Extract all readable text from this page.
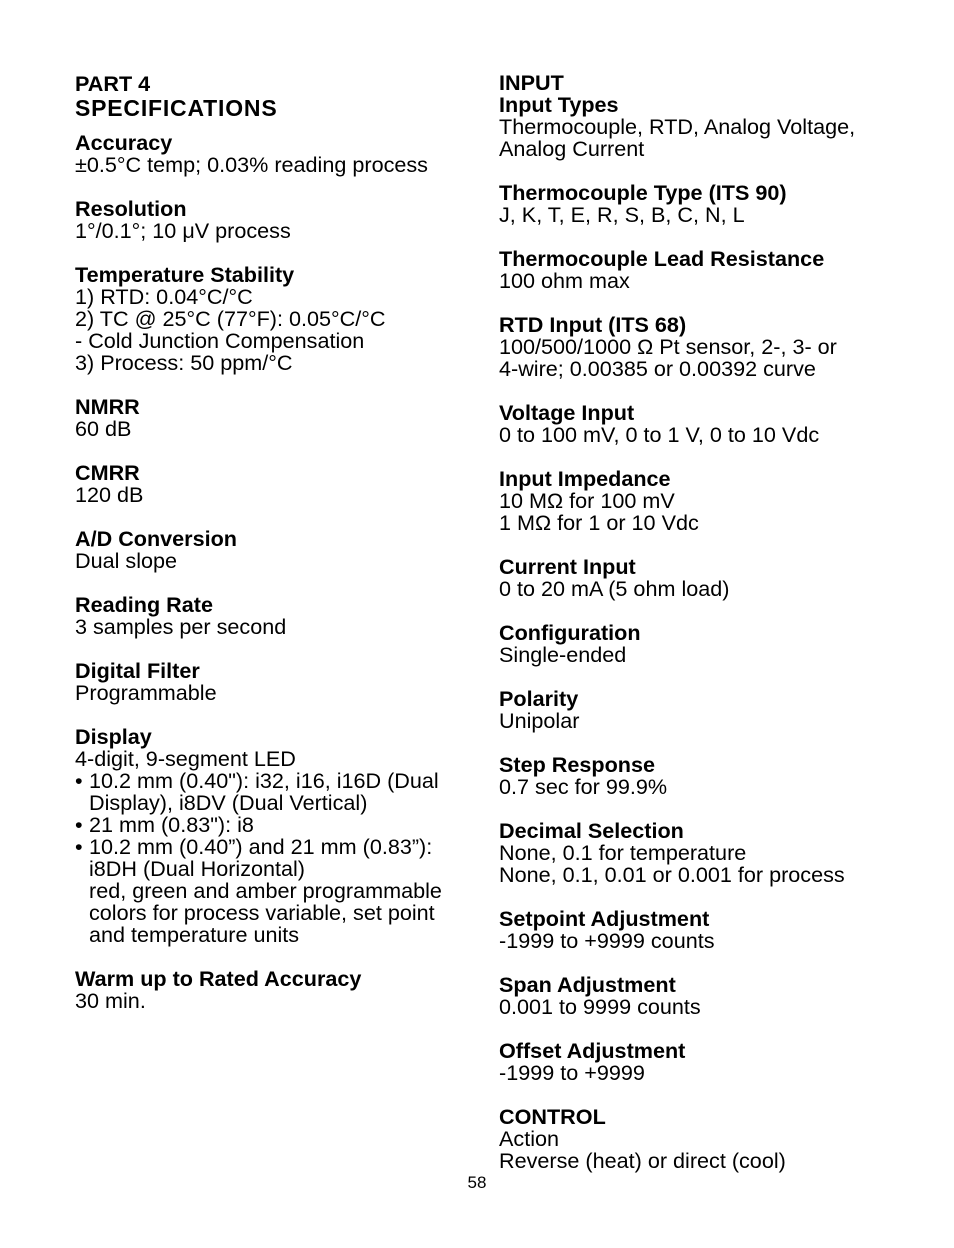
PART 4
SPECIFICATIONS
Accuracy
±0.5°C temp; 0.03% reading process
Resolution
1°/0.1°; 10 μV process
Temperature Stability
1) RTD: 0.04°C/°C
2) TC @ 25°C (77°F): 0.05°C/°C
- Cold Junction Compensation
3) Process: 50 ppm/°C
NMRR
60 dB
CMRR
120 dB
A/D Conversion
Dual slope
Reading Rate
3 samples per second
Digital Filter
Programmable
Display
4-digit, 9-segment LED
• 10.2 mm (0.40"): i32, i16, i16D (Dual
Display), i8DV (Dual Vertical)
• 21 mm (0.83"): i8
• 10.2 mm (0.40”) and 21 mm (0.83”):
i8DH (Dual Horizontal)
red, green and amber programmable
colors for process variable, set point
and temperature units
Warm up to Rated Accuracy
30 min.
INPUT
Input Types
Thermocouple, RTD, Analog Voltage,
Analog Current
Thermocouple Type (ITS 90)
J, K, T, E, R, S, B, C, N, L
Thermocouple Lead Resistance
100 ohm max
RTD Input (ITS 68)
100/500/1000 Ω Pt sensor, 2-, 3- or
4-wire; 0.00385 or 0.00392 curve
Voltage Input
0 to 100 mV, 0 to 1 V, 0 to 10 Vdc
Input Impedance
10 MΩ for 100 mV
1 MΩ for 1 or 10 Vdc
Current Input
0 to 20 mA (5 ohm load)
Configuration
Single-ended
Polarity
Unipolar
Step Response
0.7 sec for 99.9%
Decimal Selection
None, 0.1 for temperature
None, 0.1, 0.01 or 0.001 for process
Setpoint Adjustment
-1999 to +9999 counts
Span Adjustment
0.001 to 9999 counts
Offset Adjustment
-1999 to +9999
CONTROL
Action
Reverse (heat) or direct (cool)
58
